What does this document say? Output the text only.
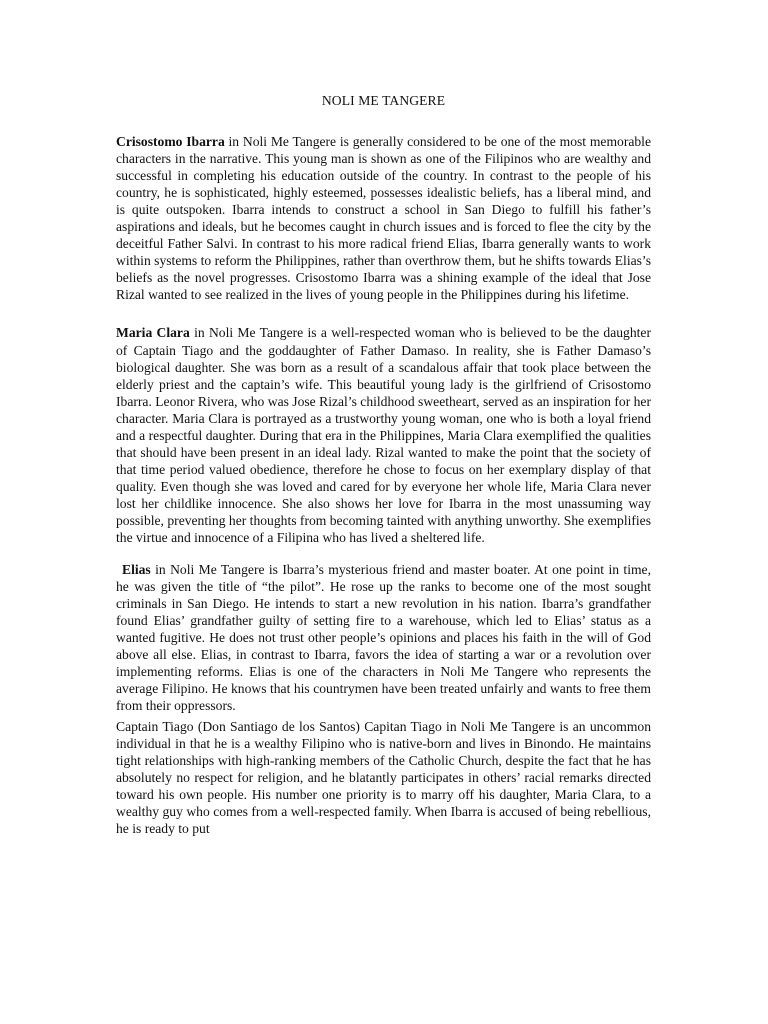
NOLI ME TANGERE

Crisostomo Ibarra in Noli Me Tangere is generally considered to be one of the most memorable characters in the narrative. This young man is shown as one of the Filipinos who are wealthy and successful in completing his education outside of the country. In contrast to the people of his country, he is sophisticated, highly esteemed, possesses idealistic beliefs, has a liberal mind, and is quite outspoken. Ibarra intends to construct a school in San Diego to fulfill his father’s aspirations and ideals, but he becomes caught in church issues and is forced to flee the city by the deceitful Father Salvi. In contrast to his more radical friend Elias, Ibarra generally wants to work within systems to reform the Philippines, rather than overthrow them, but he shifts towards Elias’s beliefs as the novel progresses. Crisostomo Ibarra was a shining example of the ideal that Jose Rizal wanted to see realized in the lives of young people in the Philippines during his lifetime.

Maria Clara in Noli Me Tangere is a well-respected woman who is believed to be the daughter of Captain Tiago and the goddaughter of Father Damaso. In reality, she is Father Damaso’s biological daughter. She was born as a result of a scandalous affair that took place between the elderly priest and the captain’s wife. This beautiful young lady is the girlfriend of Crisostomo Ibarra. Leonor Rivera, who was Jose Rizal’s childhood sweetheart, served as an inspiration for her character. Maria Clara is portrayed as a trustworthy young woman, one who is both a loyal friend and a respectful daughter. During that era in the Philippines, Maria Clara exemplified the qualities that should have been present in an ideal lady. Rizal wanted to make the point that the society of that time period valued obedience, therefore he chose to focus on her exemplary display of that quality. Even though she was loved and cared for by everyone her whole life, Maria Clara never lost her childlike innocence. She also shows her love for Ibarra in the most unassuming way possible, preventing her thoughts from becoming tainted with anything unworthy. She exemplifies the virtue and innocence of a Filipina who has lived a sheltered life.

Elias in Noli Me Tangere is Ibarra’s mysterious friend and master boater. At one point in time, he was given the title of “the pilot”. He rose up the ranks to become one of the most sought criminals in San Diego. He intends to start a new revolution in his nation. Ibarra’s grandfather found Elias’ grandfather guilty of setting fire to a warehouse, which led to Elias’ status as a wanted fugitive. He does not trust other people’s opinions and places his faith in the will of God above all else. Elias, in contrast to Ibarra, favors the idea of starting a war or a revolution over implementing reforms. Elias is one of the characters in Noli Me Tangere who represents the average Filipino. He knows that his countrymen have been treated unfairly and wants to free them from their oppressors.

Captain Tiago (Don Santiago de los Santos) Capitan Tiago in Noli Me Tangere is an uncommon individual in that he is a wealthy Filipino who is native-born and lives in Binondo. He maintains tight relationships with high-ranking members of the Catholic Church, despite the fact that he has absolutely no respect for religion, and he blatantly participates in others’ racial remarks directed toward his own people. His number one priority is to marry off his daughter, Maria Clara, to a wealthy guy who comes from a well-respected family. When Ibarra is accused of being rebellious, he is ready to put
